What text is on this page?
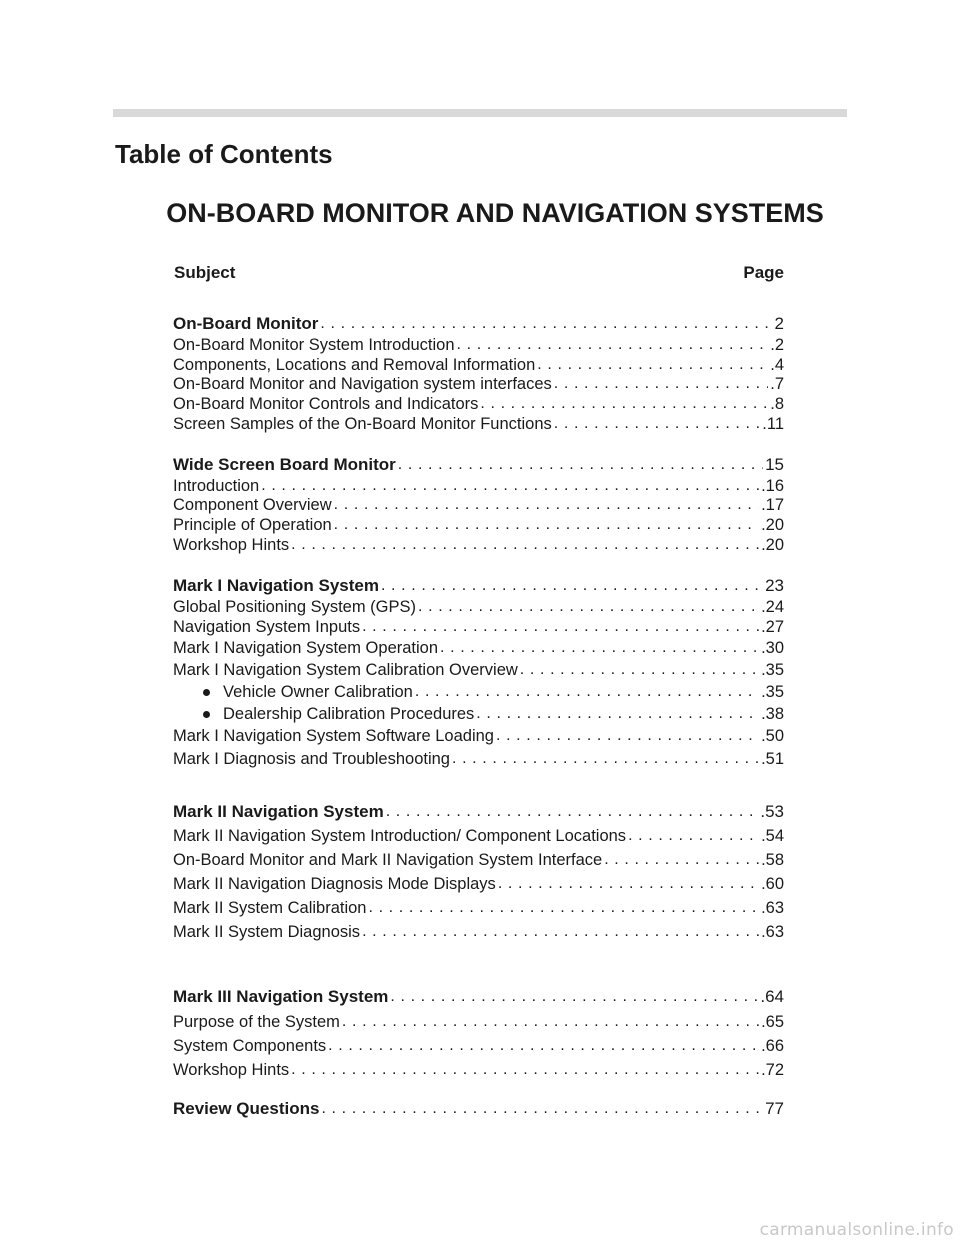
Table of Contents
ON-BOARD MONITOR AND NAVIGATION SYSTEMS
Subject	Page
On-Board Monitor . . .	2
On-Board Monitor System Introduction . . .	.2
Components, Locations and Removal Information . . .	.4
On-Board Monitor and Navigation system interfaces . . .	.7
On-Board Monitor Controls and Indicators . . .	.8
Screen Samples of the On-Board Monitor Functions . . .	.11
Wide Screen Board Monitor . . .	15
Introduction . . .	.16
Component Overview . . .	.17
Principle of Operation . . .	.20
Workshop Hints . . .	.20
Mark I Navigation System . . .	23
Global Positioning System (GPS) . . .	.24
Navigation System Inputs . . .	.27
Mark I Navigation System Operation . . .	.30
Mark I Navigation System Calibration Overview . . .	.35
Vehicle Owner Calibration . . .	.35
Dealership Calibration Procedures . . .	.38
Mark I Navigation System Software Loading . . .	.50
Mark I Diagnosis and Troubleshooting . . .	.51
Mark II Navigation System . . .	.53
Mark II Navigation System Introduction/ Component Locations . . .	.54
On-Board Monitor and Mark II Navigation System Interface . . .	.58
Mark II Navigation Diagnosis Mode Displays . . .	.60
Mark II System Calibration . . .	.63
Mark II System Diagnosis . . .	.63
Mark III Navigation System . . .	.64
Purpose of the System . . .	.65
System Components . . .	.66
Workshop Hints . . .	.72
Review Questions . . .	77
carmanualsonline.info
